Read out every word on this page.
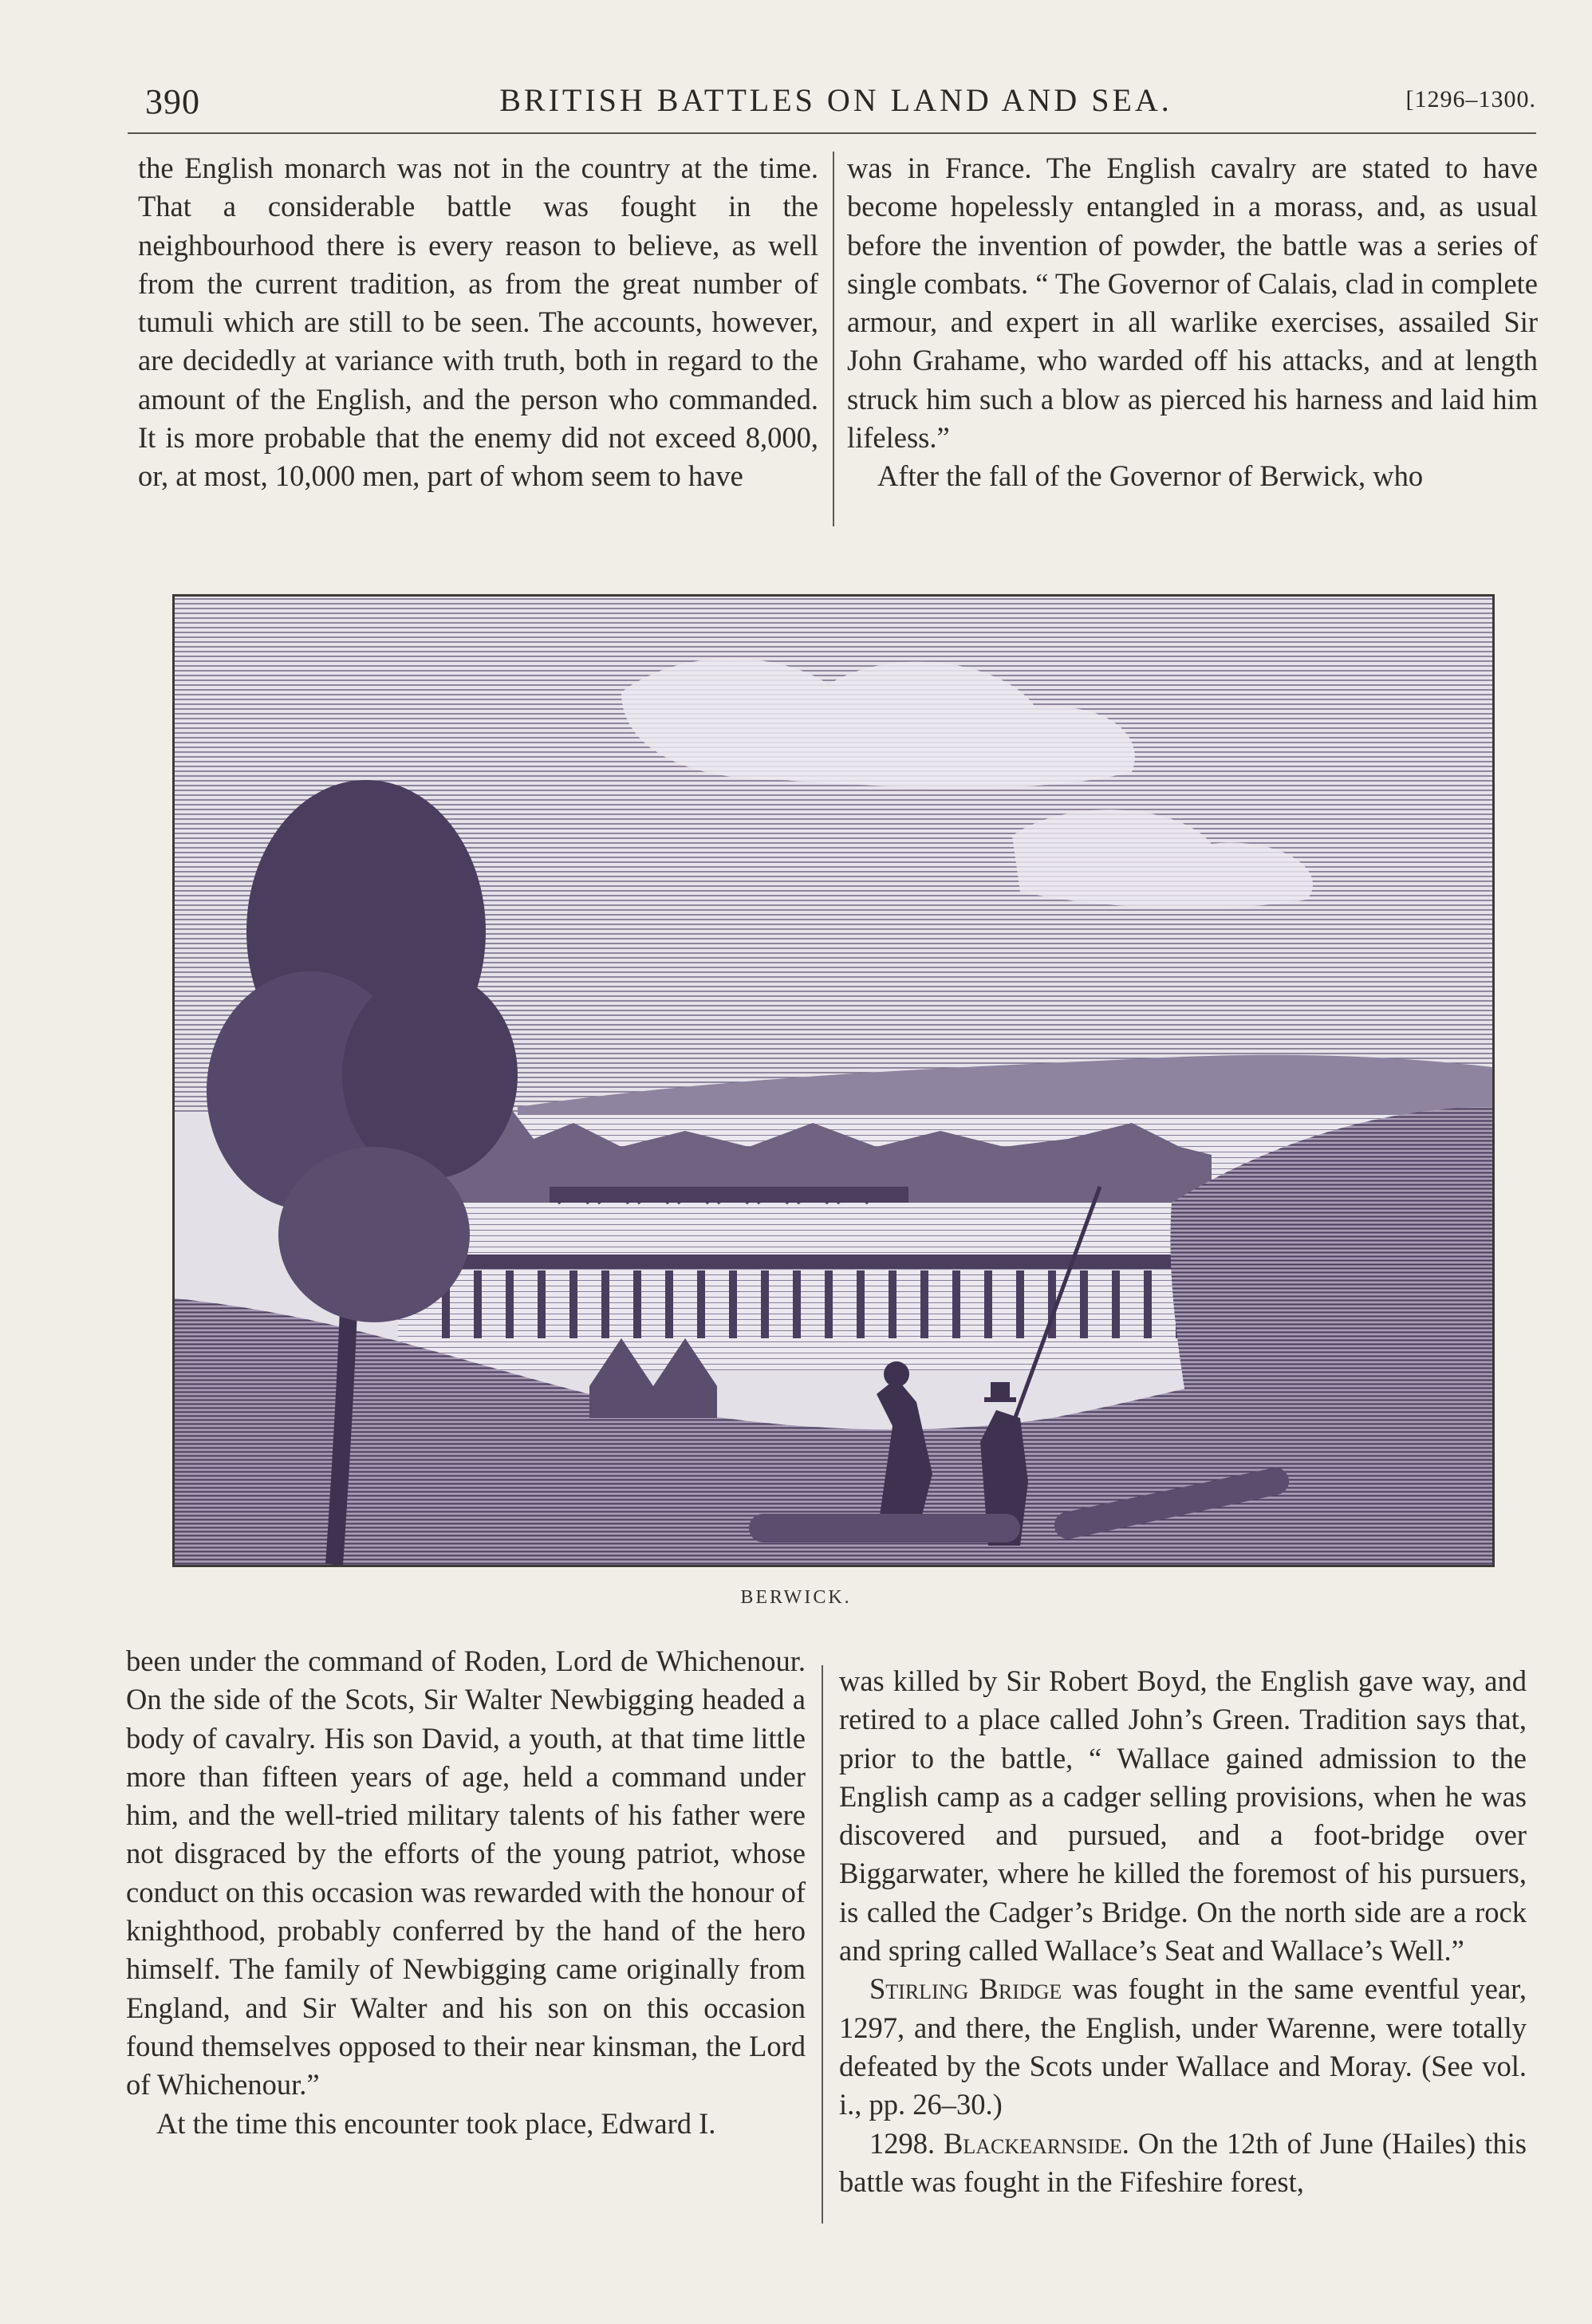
390	BRITISH BATTLES ON LAND AND SEA.	[1296–1300.

the English monarch was not in the country at the time. That a considerable battle was fought in the neighbourhood there is every reason to believe, as well from the current tradition, as from the great number of tumuli which are still to be seen. The accounts, however, are decidedly at variance with truth, both in regard to the amount of the English, and the person who commanded. It is more probable that the enemy did not exceed 8,000, or, at most, 10,000 men, part of whom seem to have

was in France. The English cavalry are stated to have become hopelessly entangled in a morass, and, as usual before the invention of powder, the battle was a series of single combats. “ The Governor of Calais, clad in complete armour, and expert in all warlike exercises, assailed Sir John Grahame, who warded off his attacks, and at length struck him such a blow as pierced his harness and laid him lifeless.”

After the fall of the Governor of Berwick, who

BERWICK.

been under the command of Roden, Lord de Whichenour. On the side of the Scots, Sir Walter Newbigging headed a body of cavalry. His son David, a youth, at that time little more than fifteen years of age, held a command under him, and the well-tried military talents of his father were not disgraced by the efforts of the young patriot, whose conduct on this occasion was rewarded with the honour of knighthood, probably conferred by the hand of the hero himself. The family of Newbigging came originally from England, and Sir Walter and his son on this occasion found themselves opposed to their near kinsman, the Lord of Whichenour.”

At the time this encounter took place, Edward I.

was killed by Sir Robert Boyd, the English gave way, and retired to a place called John’s Green. Tradition says that, prior to the battle, “ Wallace gained admission to the English camp as a cadger selling provisions, when he was discovered and pursued, and a foot-bridge over Biggarwater, where he killed the foremost of his pursuers, is called the Cadger’s Bridge. On the north side are a rock and spring called Wallace’s Seat and Wallace’s Well.”

Stirling Bridge was fought in the same eventful year, 1297, and there, the English, under Warenne, were totally defeated by the Scots under Wallace and Moray. (See vol. i., pp. 26–30.)

1298. Blackearnside. On the 12th of June (Hailes) this battle was fought in the Fifeshire forest,
